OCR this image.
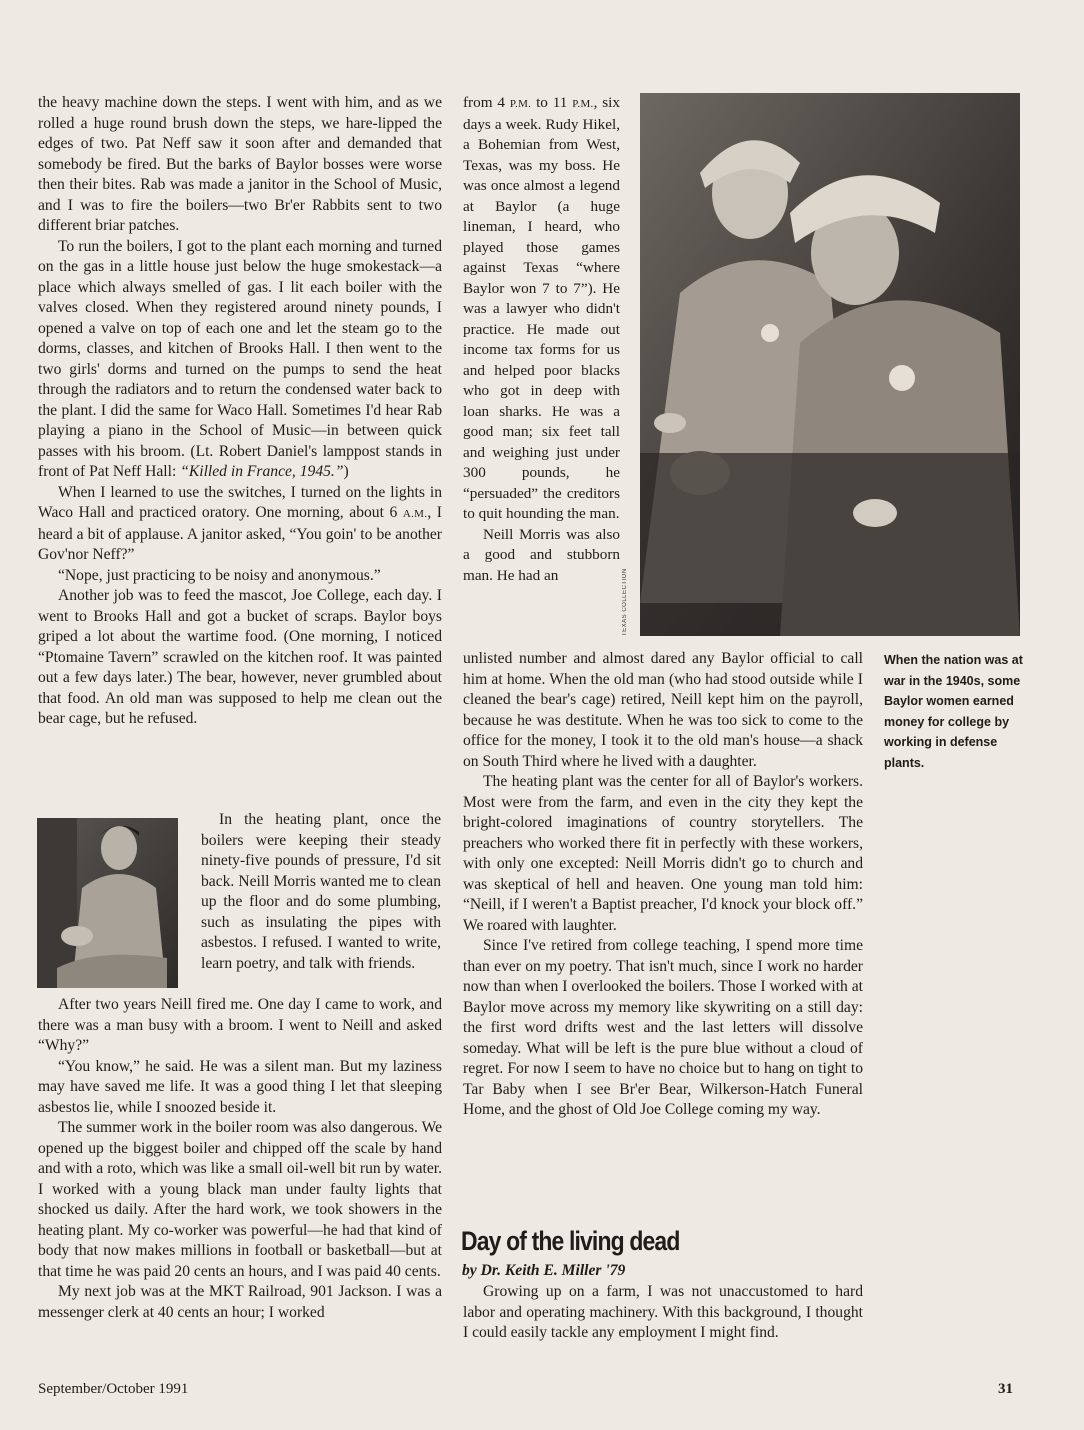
the heavy machine down the steps. I went with him, and as we rolled a huge round brush down the steps, we hare-lipped the edges of two. Pat Neff saw it soon after and demanded that somebody be fired. But the barks of Baylor bosses were worse then their bites. Rab was made a janitor in the School of Music, and I was to fire the boilers—two Br'er Rabbits sent to two different briar patches.

To run the boilers, I got to the plant each morning and turned on the gas in a little house just below the huge smokestack—a place which always smelled of gas. I lit each boiler with the valves closed. When they registered around ninety pounds, I opened a valve on top of each one and let the steam go to the dorms, classes, and kitchen of Brooks Hall. I then went to the two girls' dorms and turned on the pumps to send the heat through the radiators and to return the condensed water back to the plant. I did the same for Waco Hall. Sometimes I'd hear Rab playing a piano in the School of Music—in between quick passes with his broom. (Lt. Robert Daniel's lamppost stands in front of Pat Neff Hall: “Killed in France, 1945.”)

When I learned to use the switches, I turned on the lights in Waco Hall and practiced oratory. One morning, about 6 A.M., I heard a bit of applause. A janitor asked, “You goin' to be another Gov'nor Neff?”

“Nope, just practicing to be noisy and anonymous.”

Another job was to feed the mascot, Joe College, each day. I went to Brooks Hall and got a bucket of scraps. Baylor boys griped a lot about the wartime food. (One morning, I noticed “Ptomaine Tavern” scrawled on the kitchen roof. It was painted out a few days later.) The bear, however, never grumbled about that food. An old man was supposed to help me clean out the bear cage, but he refused.

In the heating plant, once the boilers were keeping their steady ninety-five pounds of pressure, I'd sit back. Neill Morris wanted me to clean up the floor and do some plumbing, such as insulating the pipes with asbestos. I refused. I wanted to write, learn poetry, and talk with friends.

After two years Neill fired me. One day I came to work, and there was a man busy with a broom. I went to Neill and asked “Why?”

“You know,” he said. He was a silent man. But my laziness may have saved me life. It was a good thing I let that sleeping asbestos lie, while I snoozed beside it.

The summer work in the boiler room was also dangerous. We opened up the biggest boiler and chipped off the scale by hand and with a roto, which was like a small oil-well bit run by water. I worked with a young black man under faulty lights that shocked us daily. After the hard work, we took showers in the heating plant. My co-worker was powerful—he had that kind of body that now makes millions in football or basketball—but at that time he was paid 20 cents an hours, and I was paid 40 cents.

My next job was at the MKT Railroad, 901 Jackson. I was a messenger clerk at 40 cents an hour; I worked

from 4 P.M. to 11 P.M., six days a week. Rudy Hikel, a Bohemian from West, Texas, was my boss. He was once almost a legend at Baylor (a huge lineman, I heard, who played those games against Texas “where Baylor won 7 to 7”). He was a lawyer who didn't practice. He made out income tax forms for us and helped poor blacks who got in deep with loan sharks. He was a good man; six feet tall and weighing just under 300 pounds, he “persuaded” the creditors to quit hounding the man.

Neill Morris was also a good and stubborn man. He had an	TEXAS COLLECTION
When the nation was at war in the 1940s, some Baylor women earned money for college by working in defense plants.

unlisted number and almost dared any Baylor official to call him at home. When the old man (who had stood outside while I cleaned the bear's cage) retired, Neill kept him on the payroll, because he was destitute. When he was too sick to come to the office for the money, I took it to the old man's house—a shack on South Third where he lived with a daughter.

The heating plant was the center for all of Baylor's workers. Most were from the farm, and even in the city they kept the bright-colored imaginations of country storytellers. The preachers who worked there fit in perfectly with these workers, with only one excepted: Neill Morris didn't go to church and was skeptical of hell and heaven. One young man told him: “Neill, if I weren't a Baptist preacher, I'd knock your block off.” We roared with laughter.

Since I've retired from college teaching, I spend more time than ever on my poetry. That isn't much, since I work no harder now than when I overlooked the boilers. Those I worked with at Baylor move across my memory like skywriting on a still day: the first word drifts west and the last letters will dissolve someday. What will be left is the pure blue without a cloud of regret. For now I seem to have no choice but to hang on tight to Tar Baby when I see Br'er Bear, Wilkerson-Hatch Funeral Home, and the ghost of Old Joe College coming my way.

Day of the living dead
by Dr. Keith E. Miller '79

Growing up on a farm, I was not unaccustomed to hard labor and operating machinery. With this background, I thought I could easily tackle any employment I might find.

September/October 1991	31
